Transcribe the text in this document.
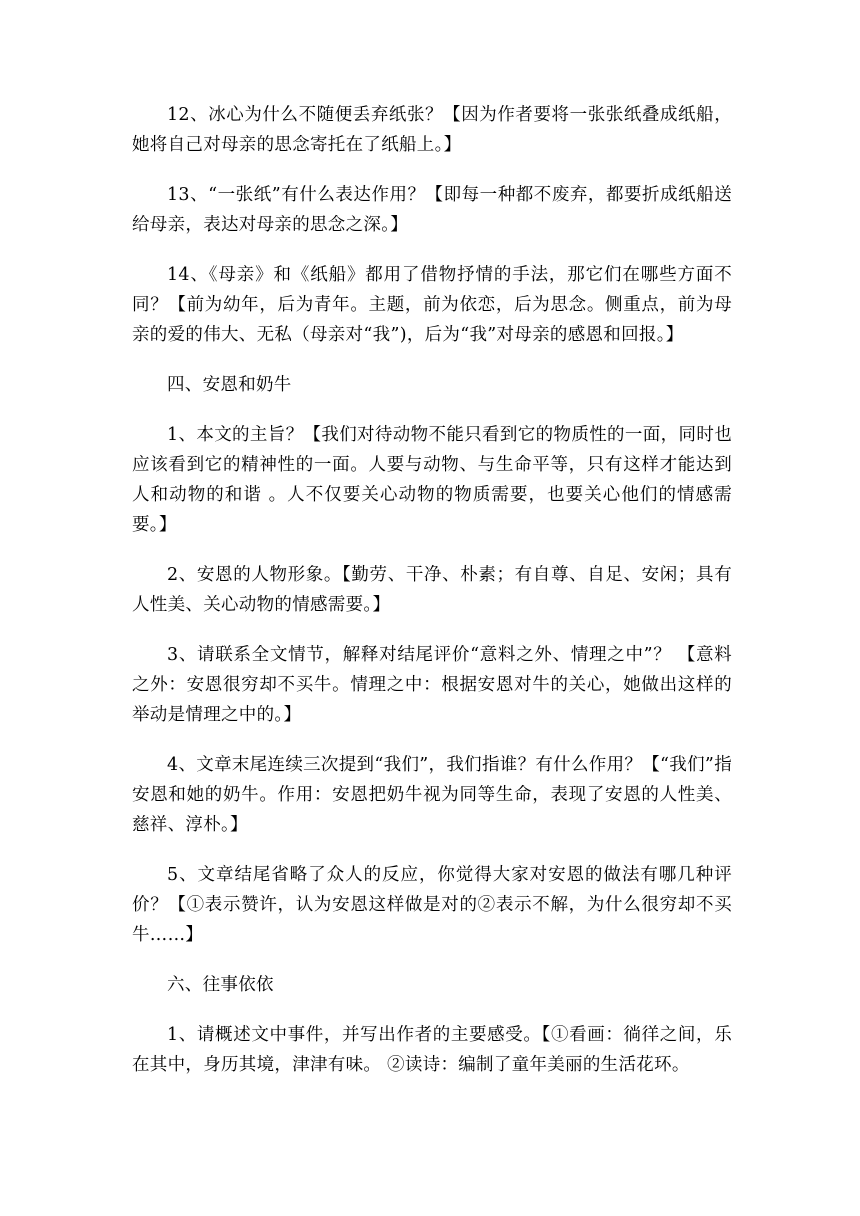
12、冰心为什么不随便丢弃纸张？【因为作者要将一张张纸叠成纸船，她将自己对母亲的思念寄托在了纸船上。】

13、“一张纸”有什么表达作用？【即每一种都不废弃，都要折成纸船送给母亲，表达对母亲的思念之深。】

14、《母亲》和《纸船》都用了借物抒情的手法，那它们在哪些方面不同？【前为幼年，后为青年。主题，前为依恋，后为思念。侧重点，前为母亲的爱的伟大、无私（母亲对“我”)，后为“我”对母亲的感恩和回报。】

四、安恩和奶牛

1、本文的主旨？【我们对待动物不能只看到它的物质性的一面，同时也应该看到它的精神性的一面。人要与动物、与生命平等，只有这样才能达到人和动物的和谐 。人不仅要关心动物的物质需要，也要关心他们的情感需要。】

2、安恩的人物形象。【勤劳、干净、朴素；有自尊、自足、安闲；具有人性美、关心动物的情感需要。】

3、请联系全文情节，解释对结尾评价“意料之外、情理之中”？ 【意料之外：安恩很穷却不买牛。情理之中：根据安恩对牛的关心，她做出这样的举动是情理之中的。】

4、文章末尾连续三次提到“我们”，我们指谁？有什么作用？【“我们”指安恩和她的奶牛。作用：安恩把奶牛视为同等生命，表现了安恩的人性美、慈祥、淳朴。】

5、文章结尾省略了众人的反应，你觉得大家对安恩的做法有哪几种评价？【①表示赞许，认为安恩这样做是对的②表示不解，为什么很穷却不买牛……】

六、往事依依

1、请概述文中事件，并写出作者的主要感受。【①看画：徜徉之间，乐在其中，身历其境，津津有味。 ②读诗：编制了童年美丽的生活花环。
